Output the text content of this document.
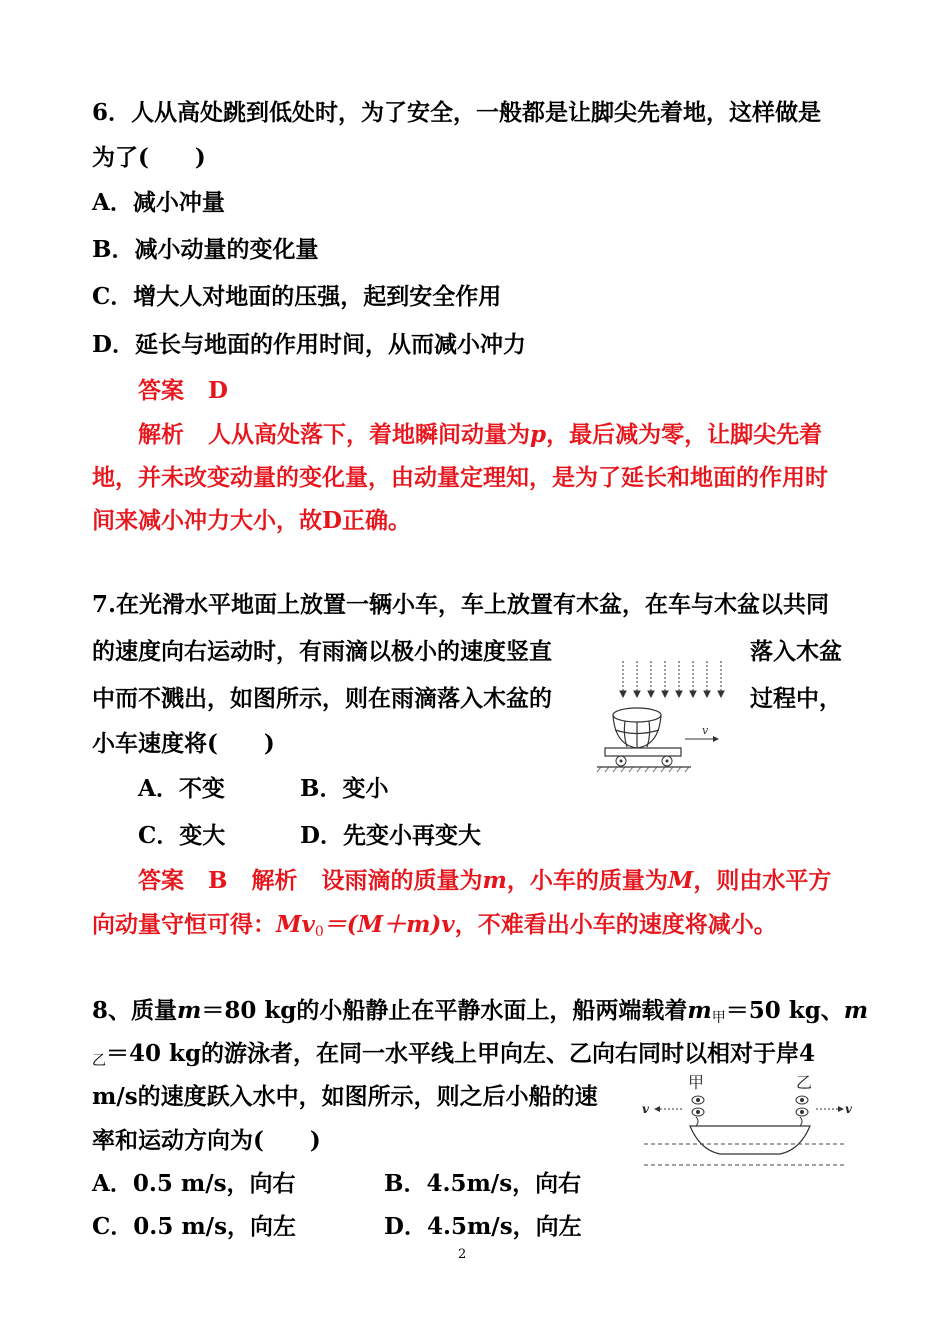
6．人从高处跳到低处时，为了安全，一般都是让脚尖先着地，这样做是
为了(　　)
A．减小冲量
B．减小动量的变化量
C．增大人对地面的压强，起到安全作用
D．延长与地面的作用时间，从而减小冲力
答案 D
解析 人从高处落下，着地瞬间动量为p，最后减为零，让脚尖先着
地，并未改变动量的变化量，由动量定理知，是为了延长和地面的作用时
间来减小冲力大小，故D正确。
7.在光滑水平地面上放置一辆小车，车上放置有木盆，在车与木盆以共同
的速度向右运动时，有雨滴以极小的速度竖直	落入木盆
中而不溅出，如图所示，则在雨滴落入木盆的	过程中，
小车速度将(　　)
A．不变	B．变小
C．变大	D．先变小再变大
答案 B 解析 设雨滴的质量为m，小车的质量为M，则由水平方
向动量守恒可得：$Mv_0=(M+m)v$，不难看出小车的速度将减小。
v
8、质量m＝80 kg的小船静止在平静水面上，船两端载着$m_甲=50$ kg、m
$_乙$＝40 kg的游泳者，在同一水平线上甲向左、乙向右同时以相对于岸4
m/s的速度跃入水中，如图所示，则之后小船的速
率和运动方向为(　　)
A．0.5 m/s，向右	B．4.5m/s，向右
C．0.5 m/s，向左	D．4.5m/s，向左
甲	乙
v	v
2
